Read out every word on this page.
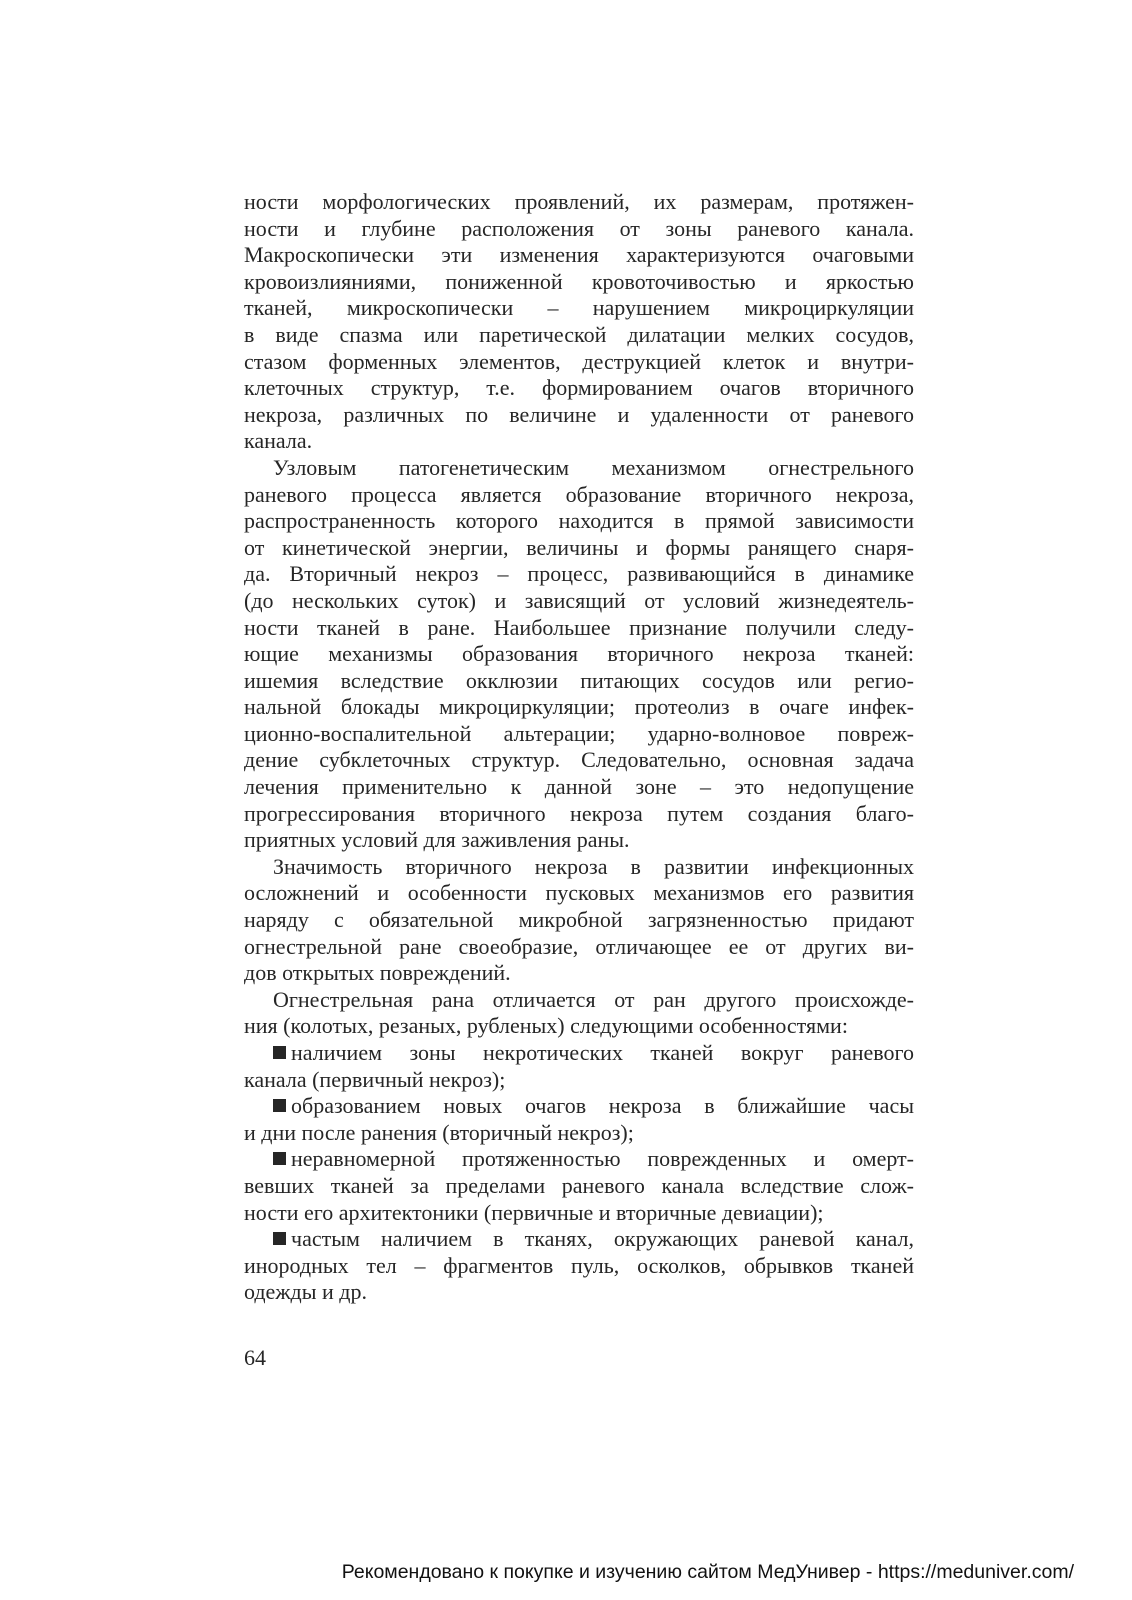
ности морфологических проявлений, их размерам, протяжен-
ности и глубине расположения от зоны раневого канала.
Макроскопически эти изменения характеризуются очаговыми
кровоизлияниями, пониженной кровоточивостью и яркостью
тканей, микроскопически – нарушением микроциркуляции
в виде спазма или паретической дилатации мелких сосудов,
стазом форменных элементов, деструкцией клеток и внутри-
клеточных структур, т.е. формированием очагов вторичного
некроза, различных по величине и удаленности от раневого
канала.
Узловым патогенетическим механизмом огнестрельного
раневого процесса является образование вторичного некроза,
распространенность которого находится в прямой зависимости
от кинетической энергии, величины и формы ранящего снаря-
да. Вторичный некроз – процесс, развивающийся в динамике
(до нескольких суток) и зависящий от условий жизнедеятель-
ности тканей в ране. Наибольшее признание получили следу-
ющие механизмы образования вторичного некроза тканей:
ишемия вследствие окклюзии питающих сосудов или регио-
нальной блокады микроциркуляции; протеолиз в очаге инфек-
ционно-воспалительной альтерации; ударно-волновое повреж-
дение субклеточных структур. Следовательно, основная задача
лечения применительно к данной зоне – это недопущение
прогрессирования вторичного некроза путем создания благо-
приятных условий для заживления раны.
Значимость вторичного некроза в развитии инфекционных
осложнений и особенности пусковых механизмов его развития
наряду с обязательной микробной загрязненностью придают
огнестрельной ране своеобразие, отличающее ее от других ви-
дов открытых повреждений.
Огнестрельная рана отличается от ран другого происхожде-
ния (колотых, резаных, рубленых) следующими особенностями:
наличием зоны некротических тканей вокруг раневого
канала (первичный некроз);
образованием новых очагов некроза в ближайшие часы
и дни после ранения (вторичный некроз);
неравномерной протяженностью поврежденных и омерт-
вевших тканей за пределами раневого канала вследствие слож-
ности его архитектоники (первичные и вторичные девиации);
частым наличием в тканях, окружающих раневой канал,
инородных тел – фрагментов пуль, осколков, обрывков тканей
одежды и др.
64
Рекомендовано к покупке и изучению сайтом МедУнивер - https://meduniver.com/
